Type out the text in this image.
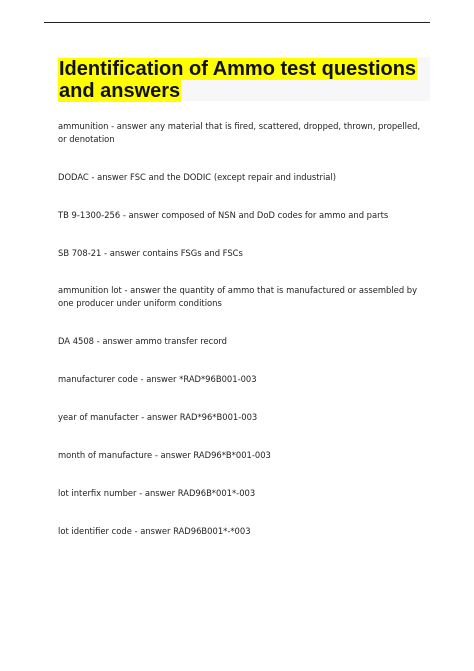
Identification of Ammo test questions and answers
ammunition - answer any material that is fired, scattered, dropped, thrown, propelled, or denotation
DODAC - answer FSC and the DODIC (except repair and industrial)
TB 9-1300-256 - answer composed of NSN and DoD codes for ammo and parts
SB 708-21 - answer contains FSGs and FSCs
ammunition lot - answer the quantity of ammo that is manufactured or assembled by one producer under uniform conditions
DA 4508 - answer ammo transfer record
manufacturer code - answer *RAD*96B001-003
year of manufacter - answer RAD*96*B001-003
month of manufacture - answer RAD96*B*001-003
lot interfix number - answer RAD96B*001*-003
lot identifier code - answer RAD96B001*-*003
